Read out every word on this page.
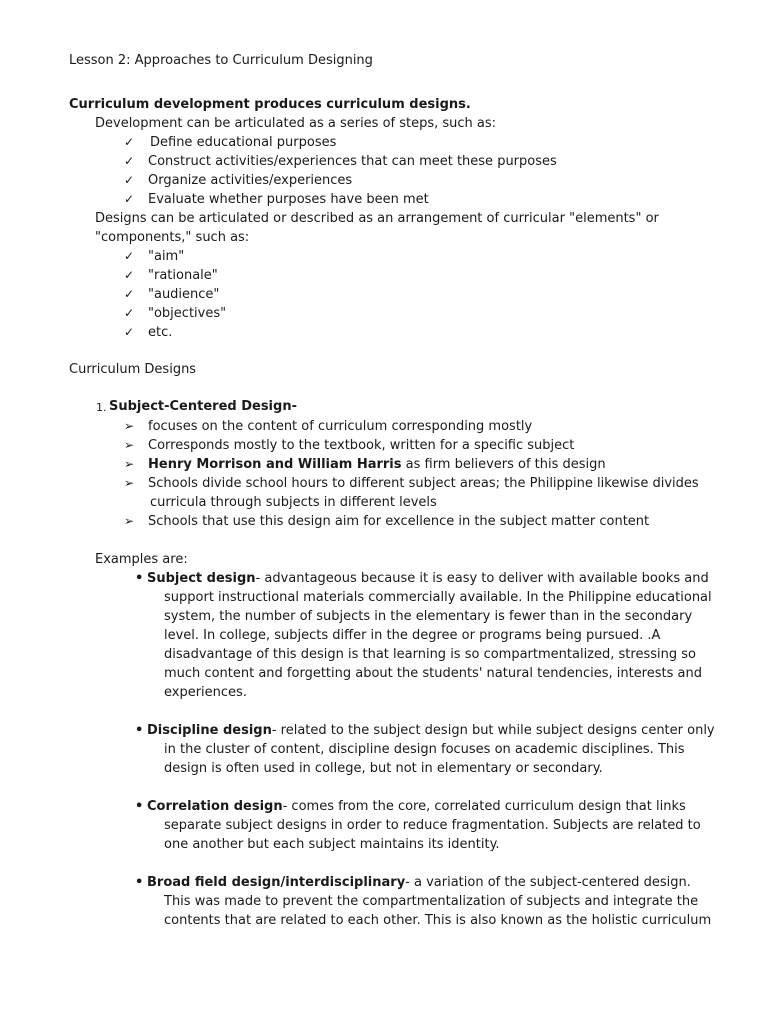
Lesson 2: Approaches to Curriculum Designing
Curriculum development produces curriculum designs.
Development can be articulated as a series of steps, such as:
✓ Define educational purposes
✓ Construct activities/experiences that can meet these purposes
✓ Organize activities/experiences
✓ Evaluate whether purposes have been met
Designs can be articulated or described as an arrangement of curricular "elements" or
"components," such as:
✓ "aim"
✓ "rationale"
✓ "audience"
✓ "objectives"
✓ etc.
Curriculum Designs
1. Subject-Centered Design-
➢ focuses on the content of curriculum corresponding mostly
➢ Corresponds mostly to the textbook, written for a specific subject
➢ Henry Morrison and William Harris as firm believers of this design
➢ Schools divide school hours to different subject areas; the Philippine likewise divides
curricula through subjects in different levels
➢ Schools that use this design aim for excellence in the subject matter content
Examples are:
• Subject design- advantageous because it is easy to deliver with available books and
support instructional materials commercially available. In the Philippine educational
system, the number of subjects in the elementary is fewer than in the secondary
level. In college, subjects differ in the degree or programs being pursued. .A
disadvantage of this design is that learning is so compartmentalized, stressing so
much content and forgetting about the students' natural tendencies, interests and
experiences.
• Discipline design- related to the subject design but while subject designs center only
in the cluster of content, discipline design focuses on academic disciplines. This
design is often used in college, but not in elementary or secondary.
• Correlation design- comes from the core, correlated curriculum design that links
separate subject designs in order to reduce fragmentation. Subjects are related to
one another but each subject maintains its identity.
• Broad field design/interdisciplinary- a variation of the subject-centered design.
This was made to prevent the compartmentalization of subjects and integrate the
contents that are related to each other. This is also known as the holistic curriculum
